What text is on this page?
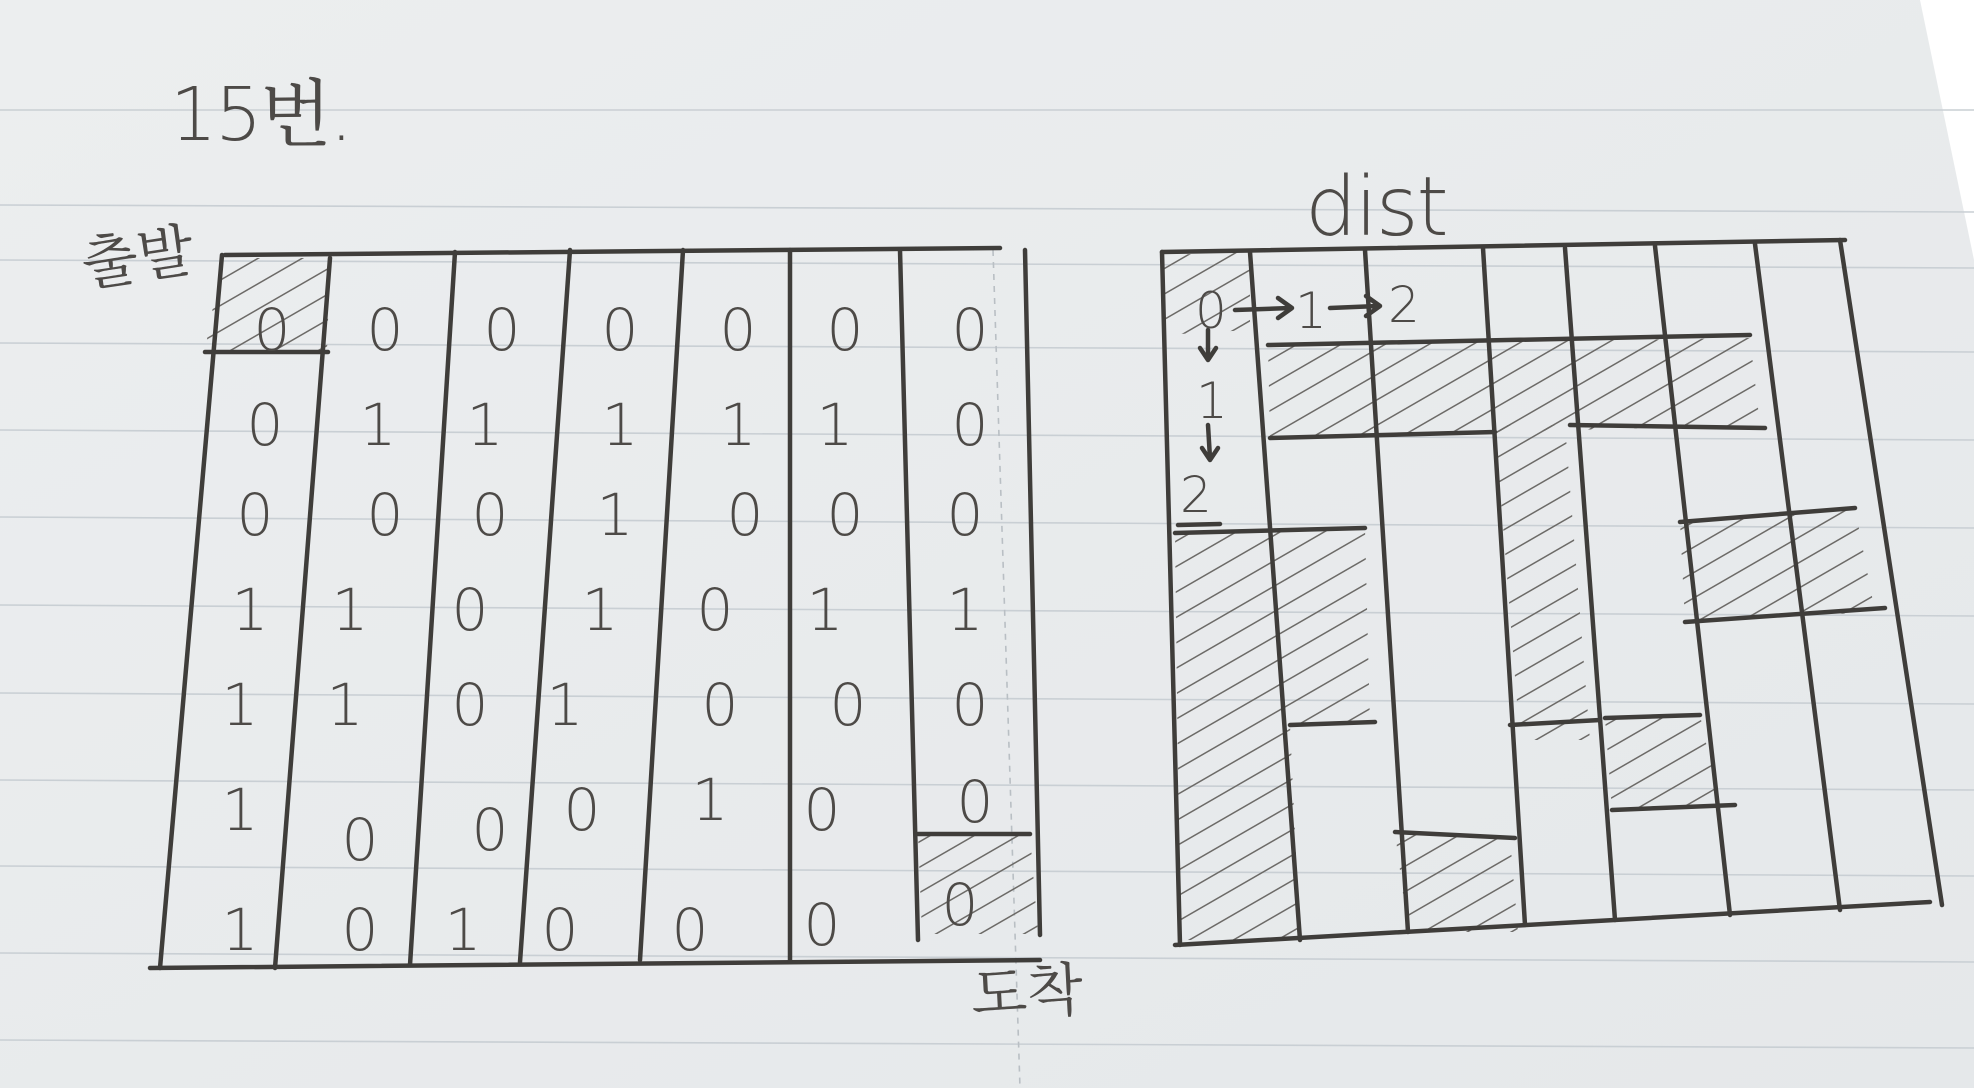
15번.
0 0 0 0 0 0 0
0 1 1 1 1 1 0
0 0 0 1 0 0 0
1 1 0 1 0 1 1
1 1 0 1 0 0 0
1 0 0 0 1 0 0
1 0 1 0 0 0 0
출발
도착
dist
0 1 2
1
2
